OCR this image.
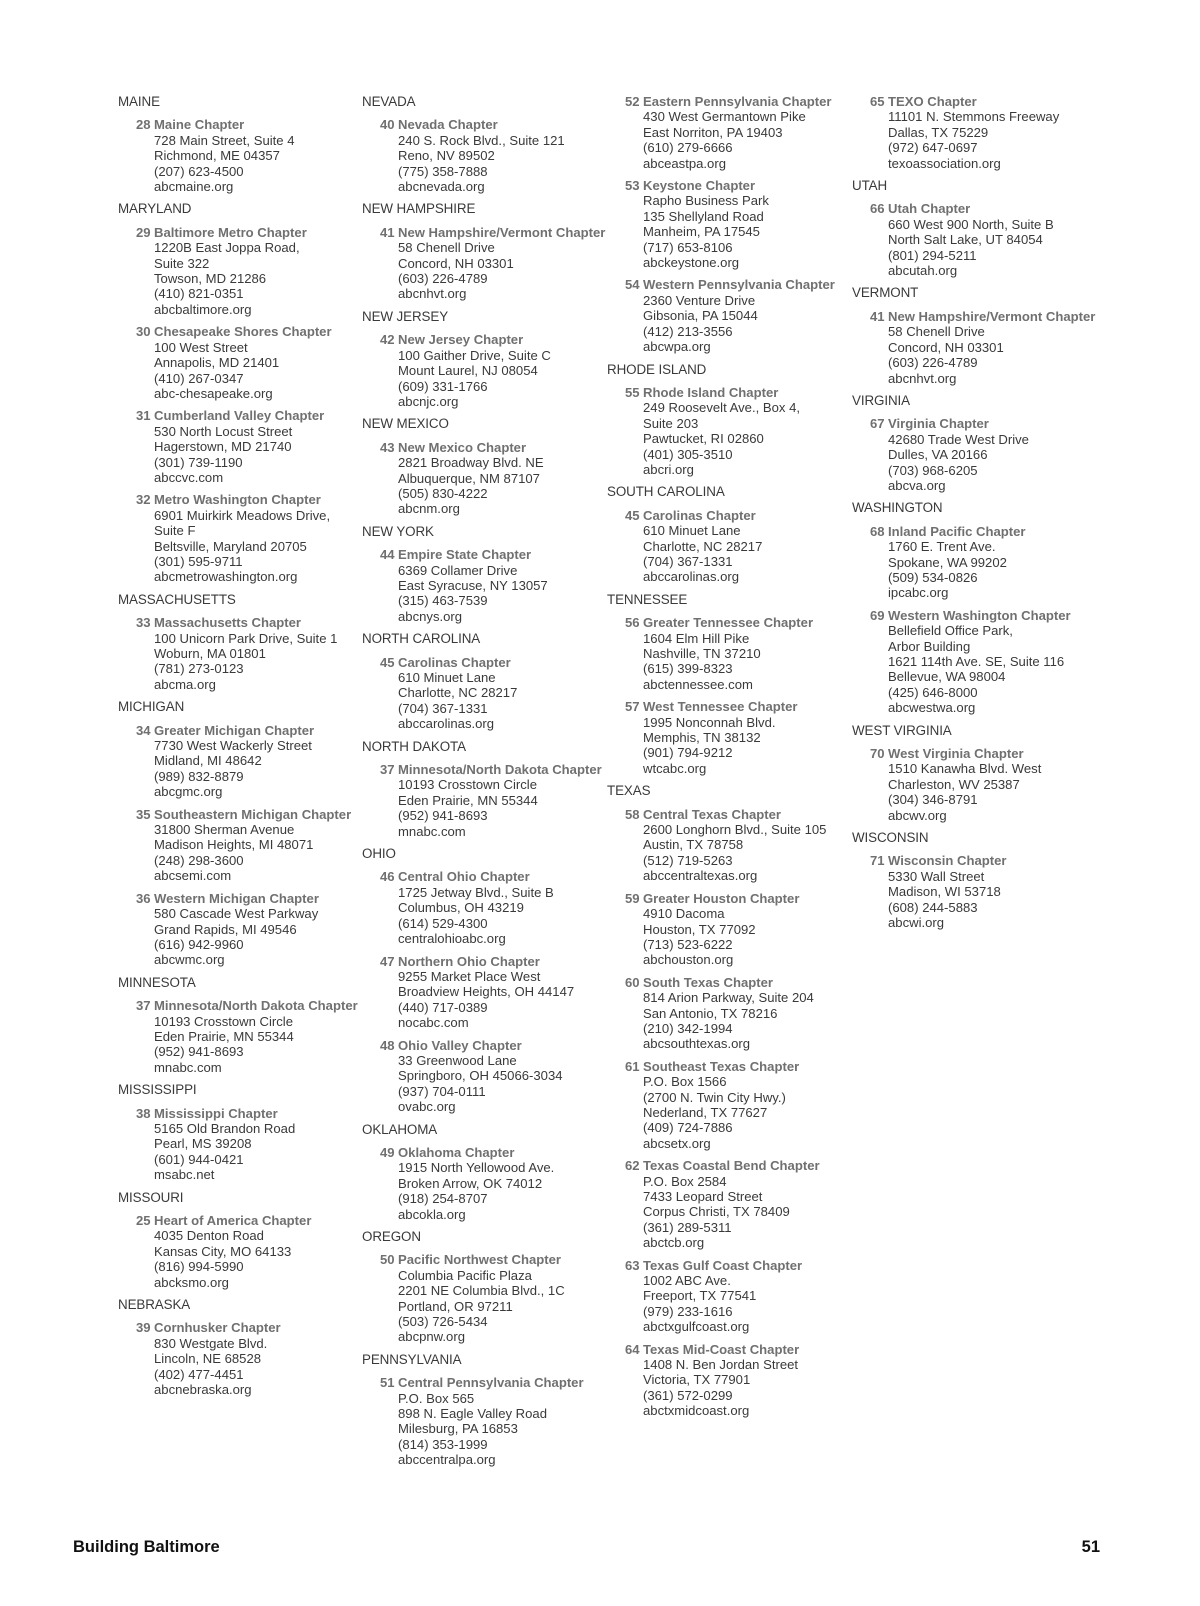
MAINE
28 Maine Chapter
728 Main Street, Suite 4
Richmond, ME 04357
(207) 623-4500
abcmaine.org
MARYLAND
29 Baltimore Metro Chapter
1220B East Joppa Road,
Suite 322
Towson, MD 21286
(410) 821-0351
abcbaltimore.org
30 Chesapeake Shores Chapter
100 West Street
Annapolis, MD 21401
(410) 267-0347
abc-chesapeake.org
31 Cumberland Valley Chapter
530 North Locust Street
Hagerstown, MD 21740
(301) 739-1190
abccvc.com
32 Metro Washington Chapter
6901 Muirkirk Meadows Drive,
Suite F
Beltsville, Maryland 20705
(301) 595-9711
abcmetrowashington.org
MASSACHUSETTS
33 Massachusetts Chapter
100 Unicorn Park Drive, Suite 1
Woburn, MA 01801
(781) 273-0123
abcma.org
MICHIGAN
34 Greater Michigan Chapter
7730 West Wackerly Street
Midland, MI 48642
(989) 832-8879
abcgmc.org
35 Southeastern Michigan Chapter
31800 Sherman Avenue
Madison Heights, MI 48071
(248) 298-3600
abcsemi.com
36 Western Michigan Chapter
580 Cascade West Parkway
Grand Rapids, MI 49546
(616) 942-9960
abcwmc.org
MINNESOTA
37 Minnesota/North Dakota Chapter
10193 Crosstown Circle
Eden Prairie, MN 55344
(952) 941-8693
mnabc.com
MISSISSIPPI
38 Mississippi Chapter
5165 Old Brandon Road
Pearl, MS 39208
(601) 944-0421
msabc.net
MISSOURI
25 Heart of America Chapter
4035 Denton Road
Kansas City, MO 64133
(816) 994-5990
abcksmo.org
NEBRASKA
39 Cornhusker Chapter
830 Westgate Blvd.
Lincoln, NE 68528
(402) 477-4451
abcnebraska.org
NEVADA
40 Nevada Chapter
240 S. Rock Blvd., Suite 121
Reno, NV 89502
(775) 358-7888
abcnevada.org
NEW HAMPSHIRE
41 New Hampshire/Vermont Chapter
58 Chenell Drive
Concord, NH 03301
(603) 226-4789
abcnhvt.org
NEW JERSEY
42 New Jersey Chapter
100 Gaither Drive, Suite C
Mount Laurel, NJ 08054
(609) 331-1766
abcnjc.org
NEW MEXICO
43 New Mexico Chapter
2821 Broadway Blvd. NE
Albuquerque, NM 87107
(505) 830-4222
abcnm.org
NEW YORK
44 Empire State Chapter
6369 Collamer Drive
East Syracuse, NY 13057
(315) 463-7539
abcnys.org
NORTH CAROLINA
45 Carolinas Chapter
610 Minuet Lane
Charlotte, NC 28217
(704) 367-1331
abccarolinas.org
NORTH DAKOTA
37 Minnesota/North Dakota Chapter
10193 Crosstown Circle
Eden Prairie, MN 55344
(952) 941-8693
mnabc.com
OHIO
46 Central Ohio Chapter
1725 Jetway Blvd., Suite B
Columbus, OH 43219
(614) 529-4300
centralohioabc.org
47 Northern Ohio Chapter
9255 Market Place West
Broadview Heights, OH 44147
(440) 717-0389
nocabc.com
48 Ohio Valley Chapter
33 Greenwood Lane
Springboro, OH 45066-3034
(937) 704-0111
ovabc.org
OKLAHOMA
49 Oklahoma Chapter
1915 North Yellowood Ave.
Broken Arrow, OK 74012
(918) 254-8707
abcokla.org
OREGON
50 Pacific Northwest Chapter
Columbia Pacific Plaza
2201 NE Columbia Blvd., 1C
Portland, OR 97211
(503) 726-5434
abcpnw.org
PENNSYLVANIA
51 Central Pennsylvania Chapter
P.O. Box 565
898 N. Eagle Valley Road
Milesburg, PA 16853
(814) 353-1999
abccentralpa.org
52 Eastern Pennsylvania Chapter
430 West Germantown Pike
East Norriton, PA 19403
(610) 279-6666
abceastpa.org
53 Keystone Chapter
Rapho Business Park
135 Shellyland Road
Manheim, PA 17545
(717) 653-8106
abckeystone.org
54 Western Pennsylvania Chapter
2360 Venture Drive
Gibsonia, PA 15044
(412) 213-3556
abcwpa.org
RHODE ISLAND
55 Rhode Island Chapter
249 Roosevelt Ave., Box 4,
Suite 203
Pawtucket, RI 02860
(401) 305-3510
abcri.org
SOUTH CAROLINA
45 Carolinas Chapter
610 Minuet Lane
Charlotte, NC 28217
(704) 367-1331
abccarolinas.org
TENNESSEE
56 Greater Tennessee Chapter
1604 Elm Hill Pike
Nashville, TN 37210
(615) 399-8323
abctennessee.com
57 West Tennessee Chapter
1995 Nonconnah Blvd.
Memphis, TN 38132
(901) 794-9212
wtcabc.org
TEXAS
58 Central Texas Chapter
2600 Longhorn Blvd., Suite 105
Austin, TX 78758
(512) 719-5263
abccentraltexas.org
59 Greater Houston Chapter
4910 Dacoma
Houston, TX 77092
(713) 523-6222
abchouston.org
60 South Texas Chapter
814 Arion Parkway, Suite 204
San Antonio, TX 78216
(210) 342-1994
abcsouthtexas.org
61 Southeast Texas Chapter
P.O. Box 1566
(2700 N. Twin City Hwy.)
Nederland, TX 77627
(409) 724-7886
abcsetx.org
62 Texas Coastal Bend Chapter
P.O. Box 2584
7433 Leopard Street
Corpus Christi, TX 78409
(361) 289-5311
abctcb.org
63 Texas Gulf Coast Chapter
1002 ABC Ave.
Freeport, TX 77541
(979) 233-1616
abctxgulfcoast.org
64 Texas Mid-Coast Chapter
1408 N. Ben Jordan Street
Victoria, TX 77901
(361) 572-0299
abctxmidcoast.org
65 TEXO Chapter
11101 N. Stemmons Freeway
Dallas, TX 75229
(972) 647-0697
texoassociation.org
UTAH
66 Utah Chapter
660 West 900 North, Suite B
North Salt Lake, UT 84054
(801) 294-5211
abcutah.org
VERMONT
41 New Hampshire/Vermont Chapter
58 Chenell Drive
Concord, NH 03301
(603) 226-4789
abcnhvt.org
VIRGINIA
67 Virginia Chapter
42680 Trade West Drive
Dulles, VA 20166
(703) 968-6205
abcva.org
WASHINGTON
68 Inland Pacific Chapter
1760 E. Trent Ave.
Spokane, WA 99202
(509) 534-0826
ipcabc.org
69 Western Washington Chapter
Bellefield Office Park,
Arbor Building
1621 114th Ave. SE, Suite 116
Bellevue, WA 98004
(425) 646-8000
abcwestwa.org
WEST VIRGINIA
70 West Virginia Chapter
1510 Kanawha Blvd. West
Charleston, WV 25387
(304) 346-8791
abcwv.org
WISCONSIN
71 Wisconsin Chapter
5330 Wall Street
Madison, WI 53718
(608) 244-5883
abcwi.org
Building Baltimore	51
